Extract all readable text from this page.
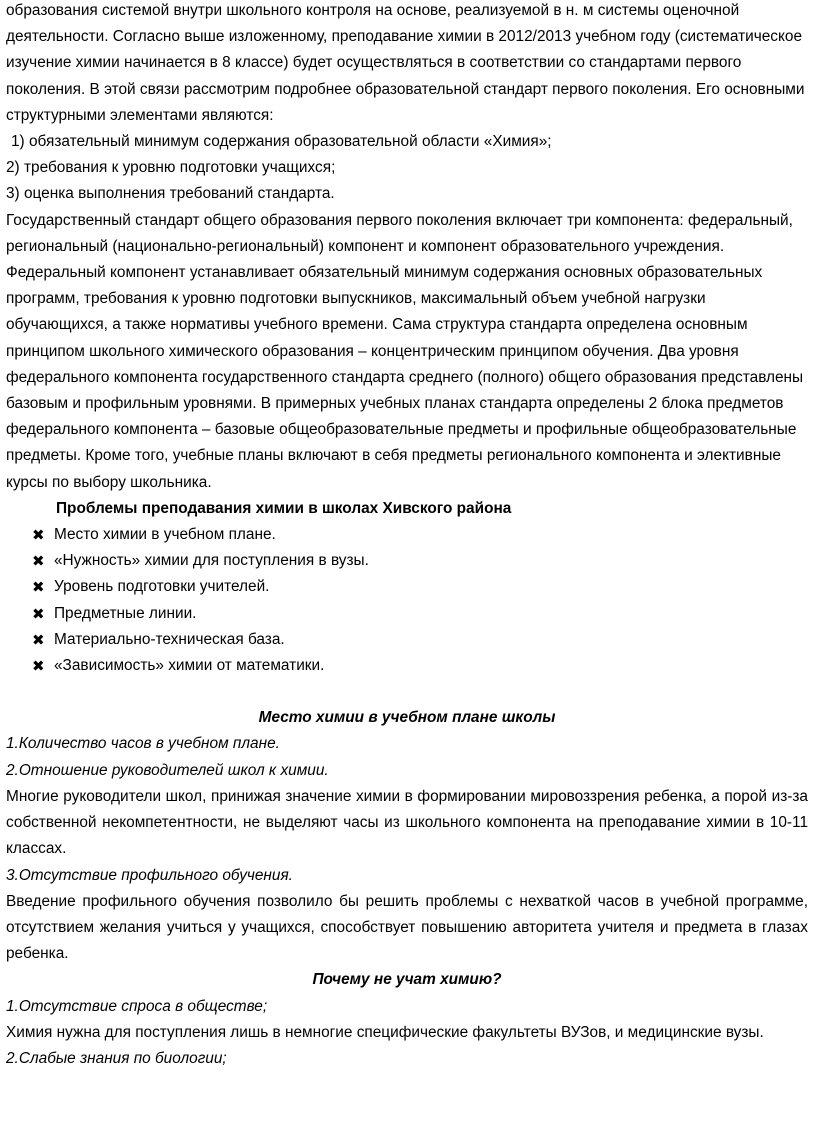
образования системой внутри школьного контроля на основе, реализуемой в н. м системы оценочной деятельности. Согласно выше изложенному, преподавание химии в 2012/2013 учебном году (систематическое изучение химии начинается в 8 классе) будет осуществляться в соответствии со стандартами первого поколения. В этой связи рассмотрим подробнее образовательной стандарт первого поколения. Его основными структурными элементами являются:

1) обязательный минимум содержания образовательной области «Химия»;

2) требования к уровню подготовки учащихся;

3) оценка выполнения требований стандарта.

Государственный стандарт общего образования первого поколения включает три компонента: федеральный, региональный (национально-региональный) компонент и компонент образовательного учреждения. Федеральный компонент устанавливает обязательный минимум содержания основных образовательных программ, требования к уровню подготовки выпускников, максимальный объем учебной нагрузки обучающихся, а также нормативы учебного времени. Сама структура стандарта определена основным принципом школьного химического образования – концентрическим принципом обучения. Два уровня федерального компонента государственного стандарта среднего (полного) общего образования представлены базовым и профильным уровнями. В примерных учебных планах стандарта определены 2 блока предметов федерального компонента – базовые общеобразовательные предметы и профильные общеобразовательные предметы. Кроме того, учебные планы включают в себя предметы регионального компонента и элективные курсы по выбору школьника.

Проблемы преподавания химии в школах Хивского района

✖ Место химии в учебном плане.
✖ «Нужность» химии для поступления в вузы.
✖ Уровень подготовки учителей.
✖ Предметные линии.
✖ Материально-техническая база.
✖ «Зависимость» химии от математики.

Место химии в учебном плане школы

1.Количество часов в учебном плане.

2.Отношение руководителей школ к химии.

Многие руководители школ, принижая значение химии в формировании мировоззрения ребенка, а порой из-за собственной некомпетентности, не выделяют часы из школьного компонента на преподавание химии в 10-11 классах.

3.Отсутствие профильного обучения.

Введение профильного обучения позволило бы решить проблемы с нехваткой часов в учебной программе, отсутствием желания учиться у учащихся, способствует повышению авторитета учителя и предмета в глазах ребенка.

Почему не учат химию?

1.Отсутствие спроса в обществе;

Химия нужна для поступления лишь в немногие специфические факультеты ВУЗов, и медицинские вузы.

2.Слабые знания по биологии;
